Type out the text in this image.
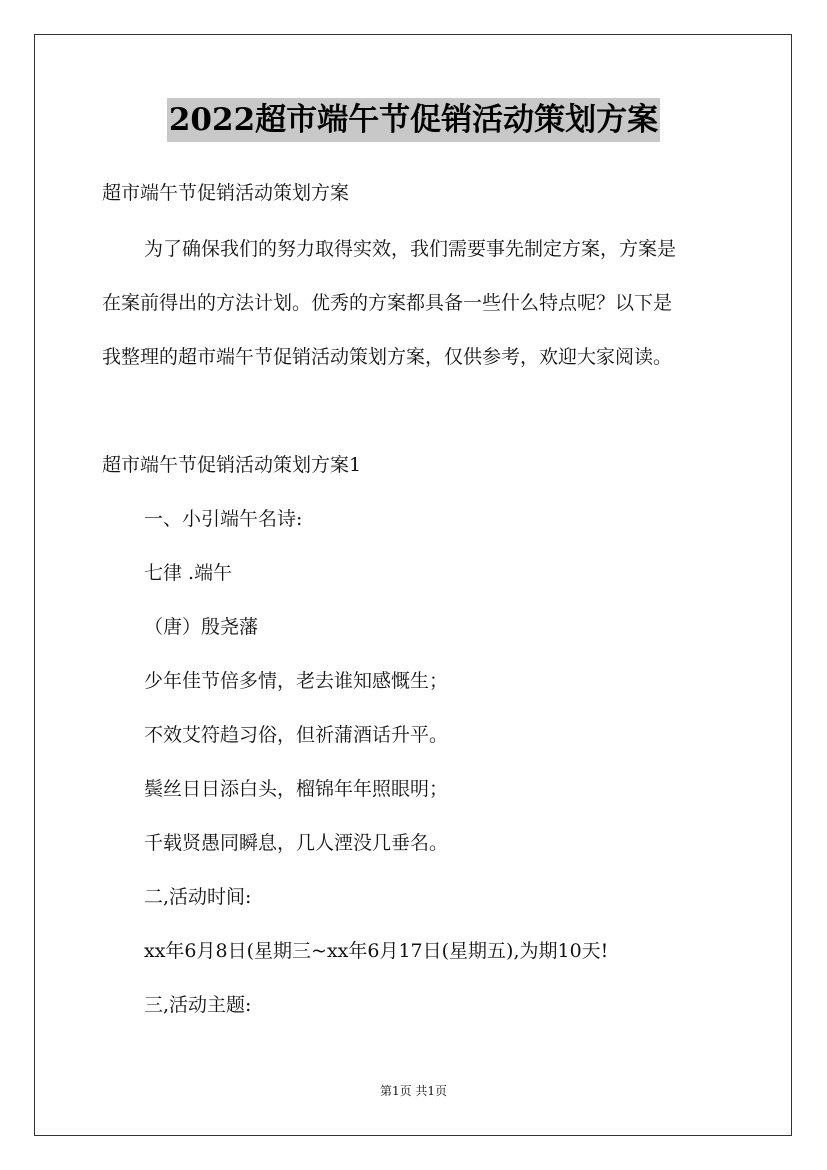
2022超市端午节促销活动策划方案
超市端午节促销活动策划方案
为了确保我们的努力取得实效，我们需要事先制定方案，方案是
在案前得出的方法计划。优秀的方案都具备一些什么特点呢？以下是
我整理的超市端午节促销活动策划方案，仅供参考，欢迎大家阅读。
超市端午节促销活动策划方案1
一、小引端午名诗:
七律 .端午
（唐）殷尧藩
少年佳节倍多情，老去谁知感慨生；
不效艾符趋习俗，但祈蒲酒话升平。
鬓丝日日添白头，榴锦年年照眼明；
千载贤愚同瞬息，几人湮没几垂名。
二,活动时间:
xx年6月8日(星期三~xx年6月17日(星期五),为期10天!
三,活动主题:
第1页 共1页
